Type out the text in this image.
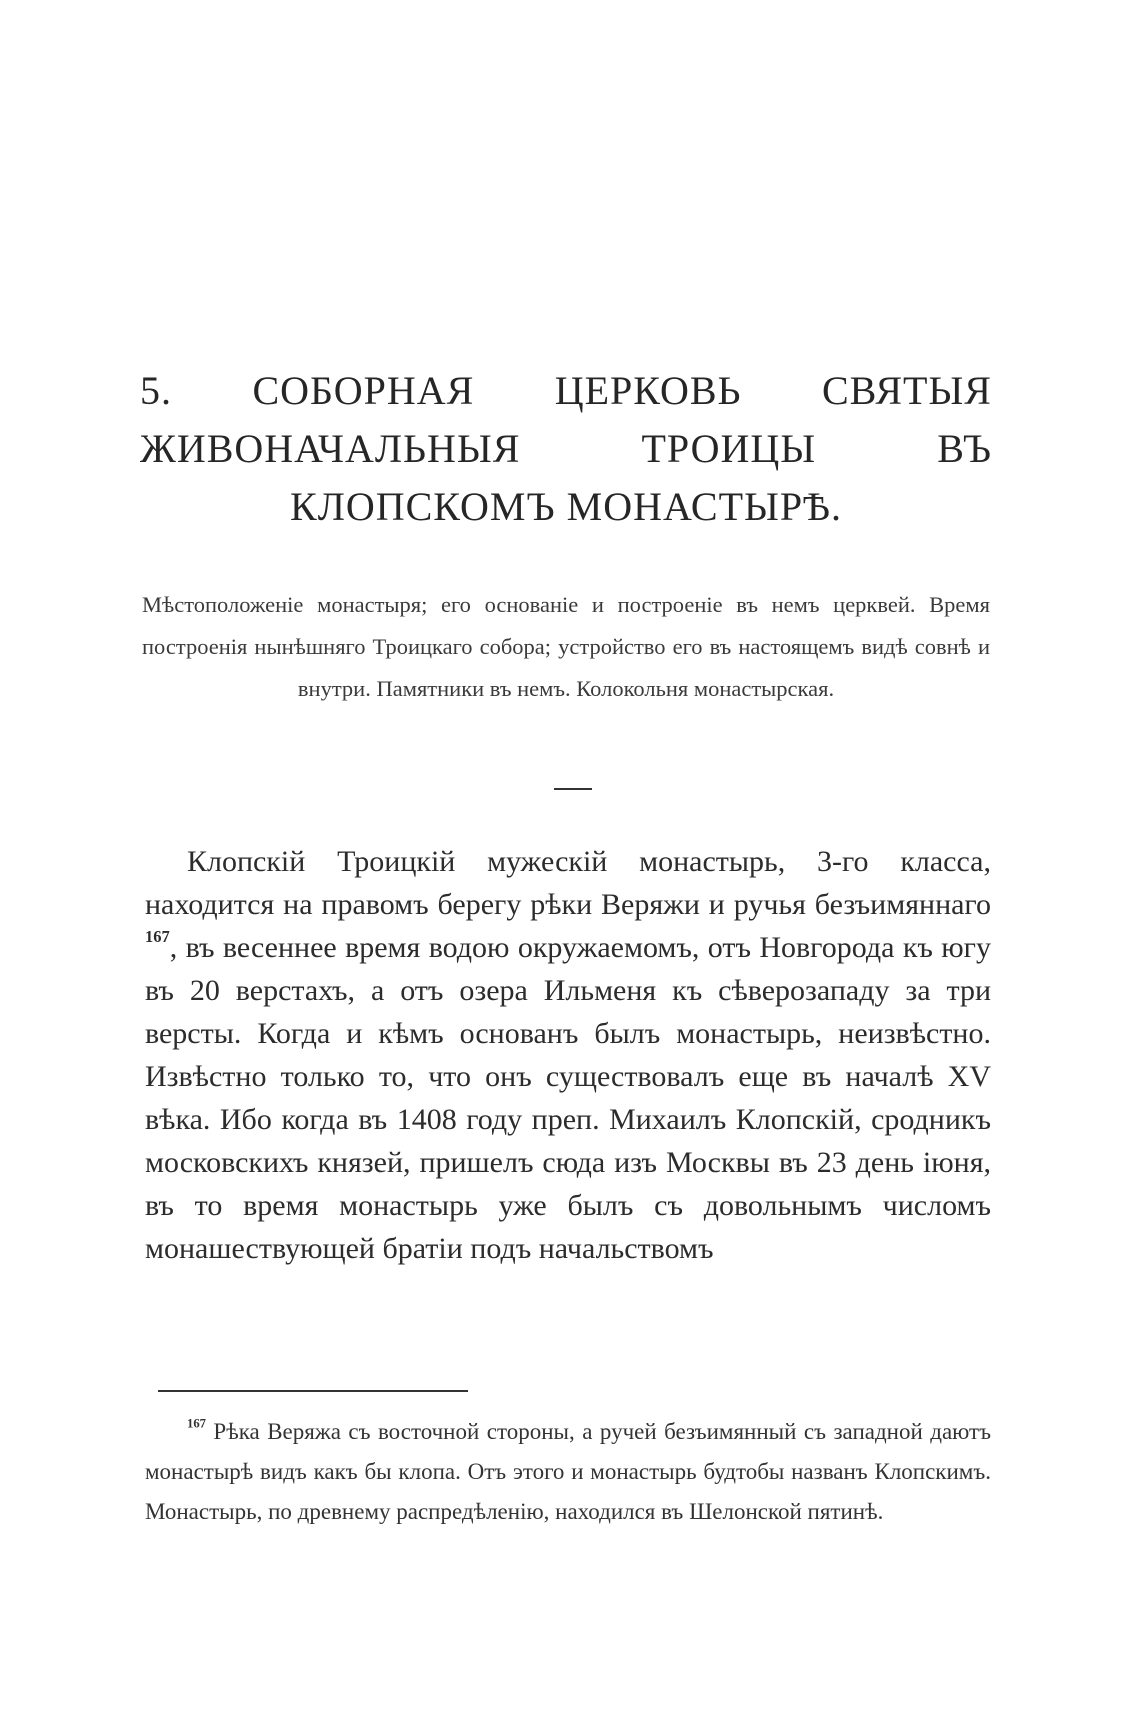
5. СОБОРНАЯ ЦЕРКОВЬ СВЯТЫЯ ЖИВОНАЧАЛЬНЫЯ ТРОИЦЫ ВЪ КЛОПСКОМЪ МОНАСТЫРѢ.

Мѣстоположеніе монастыря; его основаніе и построеніе въ немъ церквей. Время построенія нынѣшняго Троицкаго собора; устройство его въ настоящемъ видѣ совнѣ и внутри. Памятники въ немъ. Колокольня монастырская.

Клопскій Троицкій мужескій монастырь, 3-го класса, находится на правомъ берегу рѣки Веряжи и ручья безъимяннаго $^{167}$, въ весеннее время водою окружаемомъ, отъ Новгорода къ югу въ 20 верстахъ, а отъ озера Ильменя къ сѣверозападу за три версты. Когда и кѣмъ основанъ былъ монастырь, неизвѣстно. Извѣстно только то, что онъ существовалъ еще въ началѣ XV вѣка. Ибо когда въ 1408 году преп. Михаилъ Клопскій, сродникъ московскихъ князей, пришелъ сюда изъ Москвы въ 23 день іюня, въ то время монастырь уже былъ съ довольнымъ числомъ монашествующей братіи подъ начальствомъ

$^{167}$ Рѣка Веряжа съ восточной стороны, а ручей безъимянный съ западной даютъ монастырѣ видъ какъ бы клопа. Отъ этого и монастырь будтобы названъ Клопскимъ. Монастырь, по древнему распредѣленію, находился въ Шелонской пятинѣ.
